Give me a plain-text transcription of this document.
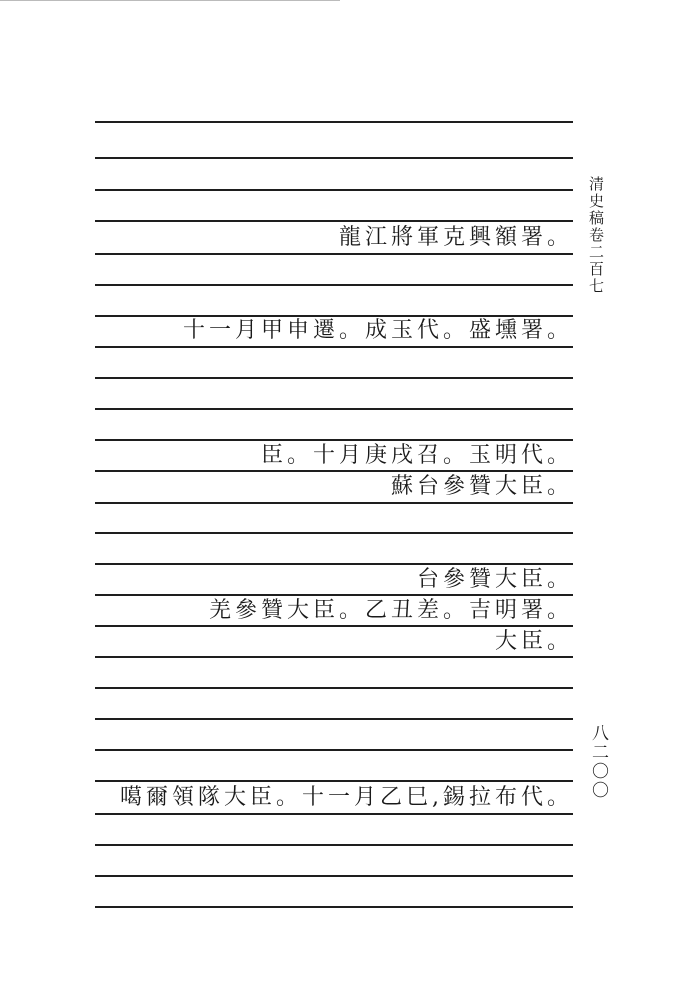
龍江將軍克興額署。
十一月甲申遷。成玉代。盛壎署。
臣。十月庚戌召。玉明代。
蘇台參贊大臣。
台參贊大臣。
羌參贊大臣。乙丑差。吉明署。
大臣。
噶爾領隊大臣。十一月乙巳,錫拉布代。
清史稿卷二百七
八二〇〇
